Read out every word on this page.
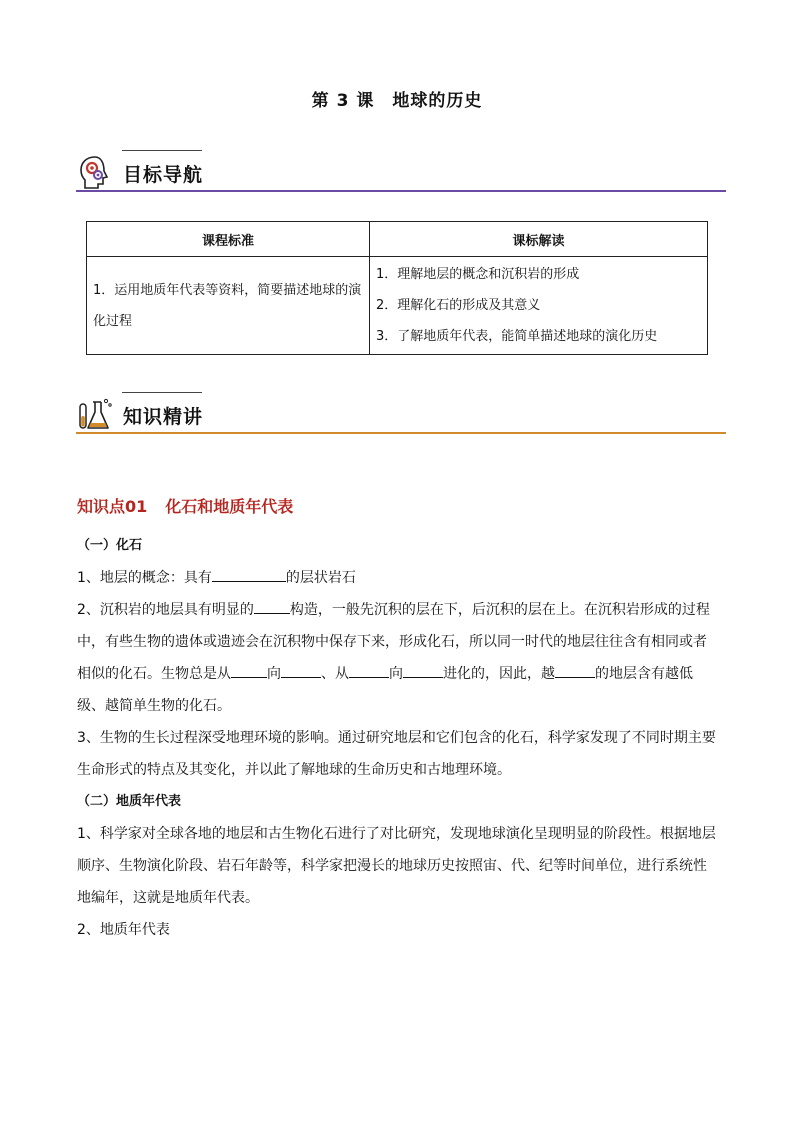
第 3 课　地球的历史
目标导航
课程标准	课标解读
1．运用地质年代表等资料，简要描述地球的演化过程	1．理解地层的概念和沉积岩的形成
2．理解化石的形成及其意义
3．了解地质年代表，能简单描述地球的演化历史
知识精讲
知识点01 化石和地质年代表
（一）化石
1、地层的概念：具有	的层状岩石
2、沉积岩的地层具有明显的	构造，一般先沉积的层在下，后沉积的层在上。在沉积岩形成的过程中，有些生物的遗体或遗迹会在沉积物中保存下来，形成化石，所以同一时代的地层往往含有相同或者相似的化石。生物总是从	向	、从	向	进化的，因此，越	的地层含有越低级、越简单生物的化石。
3、生物的生长过程深受地理环境的影响。通过研究地层和它们包含的化石，科学家发现了不同时期主要生命形式的特点及其变化，并以此了解地球的生命历史和古地理环境。
（二）地质年代表
1、科学家对全球各地的地层和古生物化石进行了对比研究，发现地球演化呈现明显的阶段性。根据地层顺序、生物演化阶段、岩石年龄等，科学家把漫长的地球历史按照宙、代、纪等时间单位，进行系统性地编年，这就是地质年代表。
2、地质年代表
